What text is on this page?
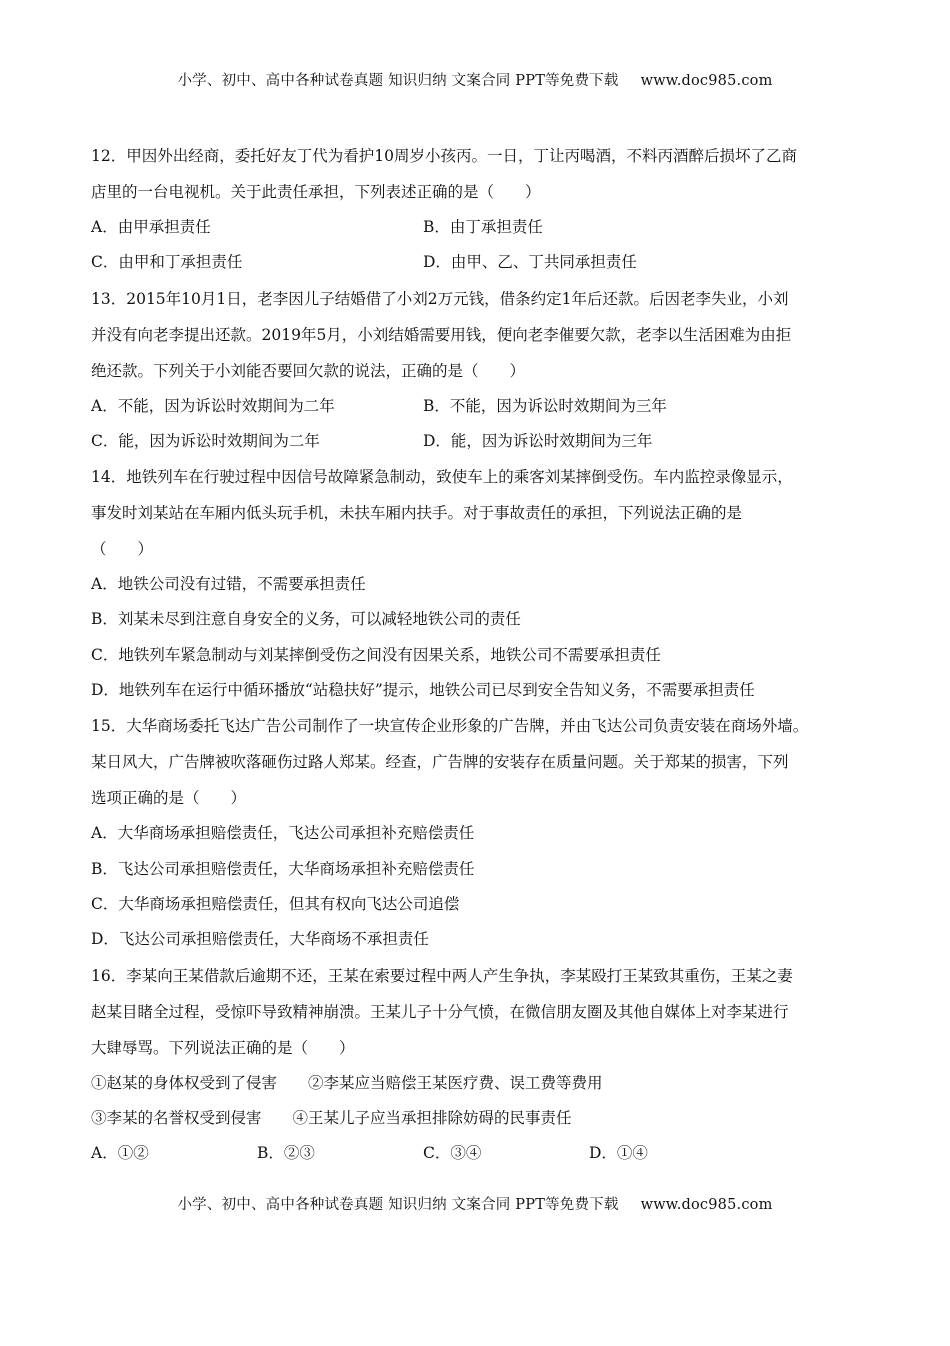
小学、初中、高中各种试卷真题 知识归纳 文案合同 PPT等免费下载 www.doc985.com

12．甲因外出经商，委托好友丁代为看护10周岁小孩丙。一日，丁让丙喝酒，不料丙酒醉后损坏了乙商

店里的一台电视机。关于此责任承担，下列表述正确的是（　　）

A．由甲承担责任	B．由丁承担责任
C．由甲和丁承担责任	D．由甲、乙、丁共同承担责任

13．2015年10月1日，老李因儿子结婚借了小刘2万元钱，借条约定1年后还款。后因老李失业，小刘

并没有向老李提出还款。2019年5月，小刘结婚需要用钱，便向老李催要欠款，老李以生活困难为由拒

绝还款。下列关于小刘能否要回欠款的说法，正确的是（　　）

A．不能，因为诉讼时效期间为二年	B．不能，因为诉讼时效期间为三年
C．能，因为诉讼时效期间为二年	D．能，因为诉讼时效期间为三年

14．地铁列车在行驶过程中因信号故障紧急制动，致使车上的乘客刘某摔倒受伤。车内监控录像显示，

事发时刘某站在车厢内低头玩手机，未扶车厢内扶手。对于事故责任的承担，下列说法正确的是

（　　）

A．地铁公司没有过错，不需要承担责任

B．刘某未尽到注意自身安全的义务，可以减轻地铁公司的责任

C．地铁列车紧急制动与刘某摔倒受伤之间没有因果关系，地铁公司不需要承担责任

D．地铁列车在运行中循环播放“站稳扶好”提示，地铁公司已尽到安全告知义务，不需要承担责任

15．大华商场委托飞达广告公司制作了一块宣传企业形象的广告牌，并由飞达公司负责安装在商场外墙。

某日风大，广告牌被吹落砸伤过路人郑某。经查，广告牌的安装存在质量问题。关于郑某的损害，下列

选项正确的是（　　）

A．大华商场承担赔偿责任，飞达公司承担补充赔偿责任

B．飞达公司承担赔偿责任，大华商场承担补充赔偿责任

C．大华商场承担赔偿责任，但其有权向飞达公司追偿

D．飞达公司承担赔偿责任，大华商场不承担责任

16．李某向王某借款后逾期不还，王某在索要过程中两人产生争执，李某殴打王某致其重伤，王某之妻

赵某目睹全过程，受惊吓导致精神崩溃。王某儿子十分气愤，在微信朋友圈及其他自媒体上对李某进行

大肆辱骂。下列说法正确的是（　　）

①赵某的身体权受到了侵害　　②李某应当赔偿王某医疗费、误工费等费用

③李某的名誉权受到侵害　　④王某儿子应当承担排除妨碍的民事责任

A．①②	B．②③	C．③④	D．①④
小学、初中、高中各种试卷真题 知识归纳 文案合同 PPT等免费下载 www.doc985.com
